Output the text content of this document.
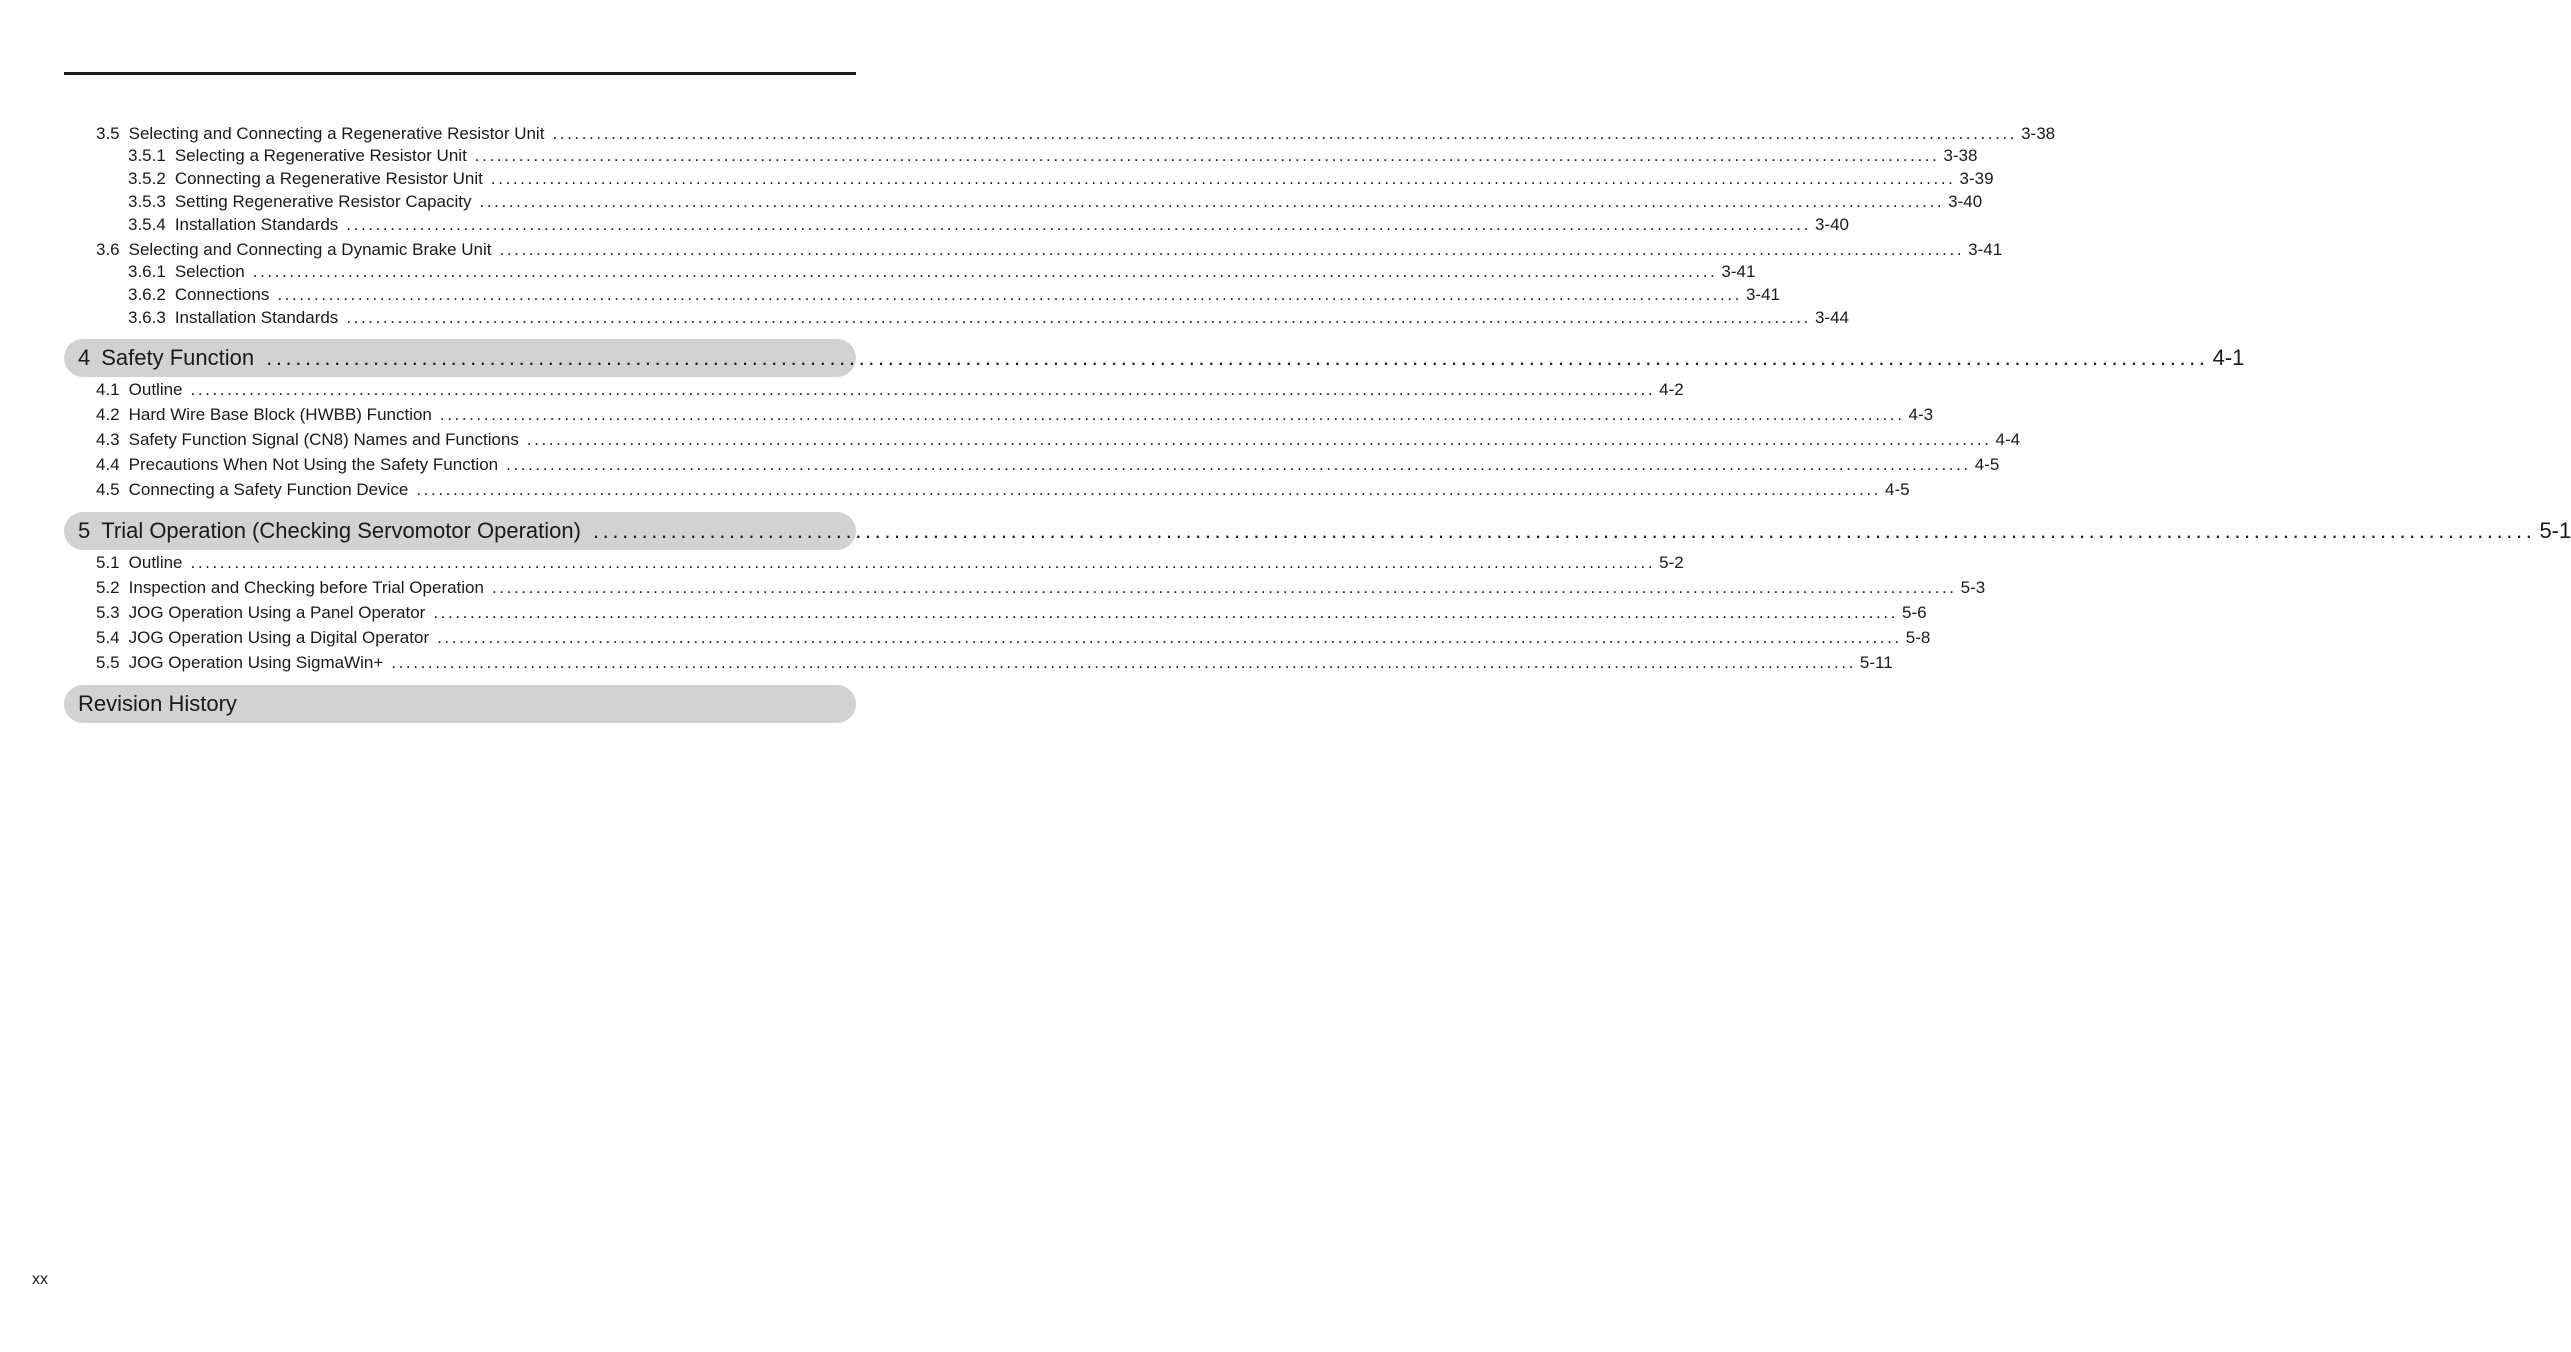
3.5 Selecting and Connecting a Regenerative Resistor Unit ........................................................................................................................................................................................................ 3-38
3.5.1 Selecting a Regenerative Resistor Unit ........................................................................................................................................................................................................ 3-38
3.5.2 Connecting a Regenerative Resistor Unit ........................................................................................................................................................................................................ 3-39
3.5.3 Setting Regenerative Resistor Capacity ........................................................................................................................................................................................................ 3-40
3.5.4 Installation Standards ........................................................................................................................................................................................................ 3-40
3.6 Selecting and Connecting a Dynamic Brake Unit ........................................................................................................................................................................................................ 3-41
3.6.1 Selection ........................................................................................................................................................................................................ 3-41
3.6.2 Connections ........................................................................................................................................................................................................ 3-41
3.6.3 Installation Standards ........................................................................................................................................................................................................ 3-44
4 Safety Function ........................................................................................................................................................................................................ 4-1
4.1 Outline ........................................................................................................................................................................................................ 4-2
4.2 Hard Wire Base Block (HWBB) Function ........................................................................................................................................................................................................ 4-3
4.3 Safety Function Signal (CN8) Names and Functions ........................................................................................................................................................................................................ 4-4
4.4 Precautions When Not Using the Safety Function ........................................................................................................................................................................................................ 4-5
4.5 Connecting a Safety Function Device ........................................................................................................................................................................................................ 4-5
5 Trial Operation (Checking Servomotor Operation) ........................................................................................................................................................................................................ 5-1
5.1 Outline ........................................................................................................................................................................................................ 5-2
5.2 Inspection and Checking before Trial Operation ........................................................................................................................................................................................................ 5-3
5.3 JOG Operation Using a Panel Operator ........................................................................................................................................................................................................ 5-6
5.4 JOG Operation Using a Digital Operator ........................................................................................................................................................................................................ 5-8
5.5 JOG Operation Using SigmaWin+ ........................................................................................................................................................................................................ 5-11
Revision History
xx
